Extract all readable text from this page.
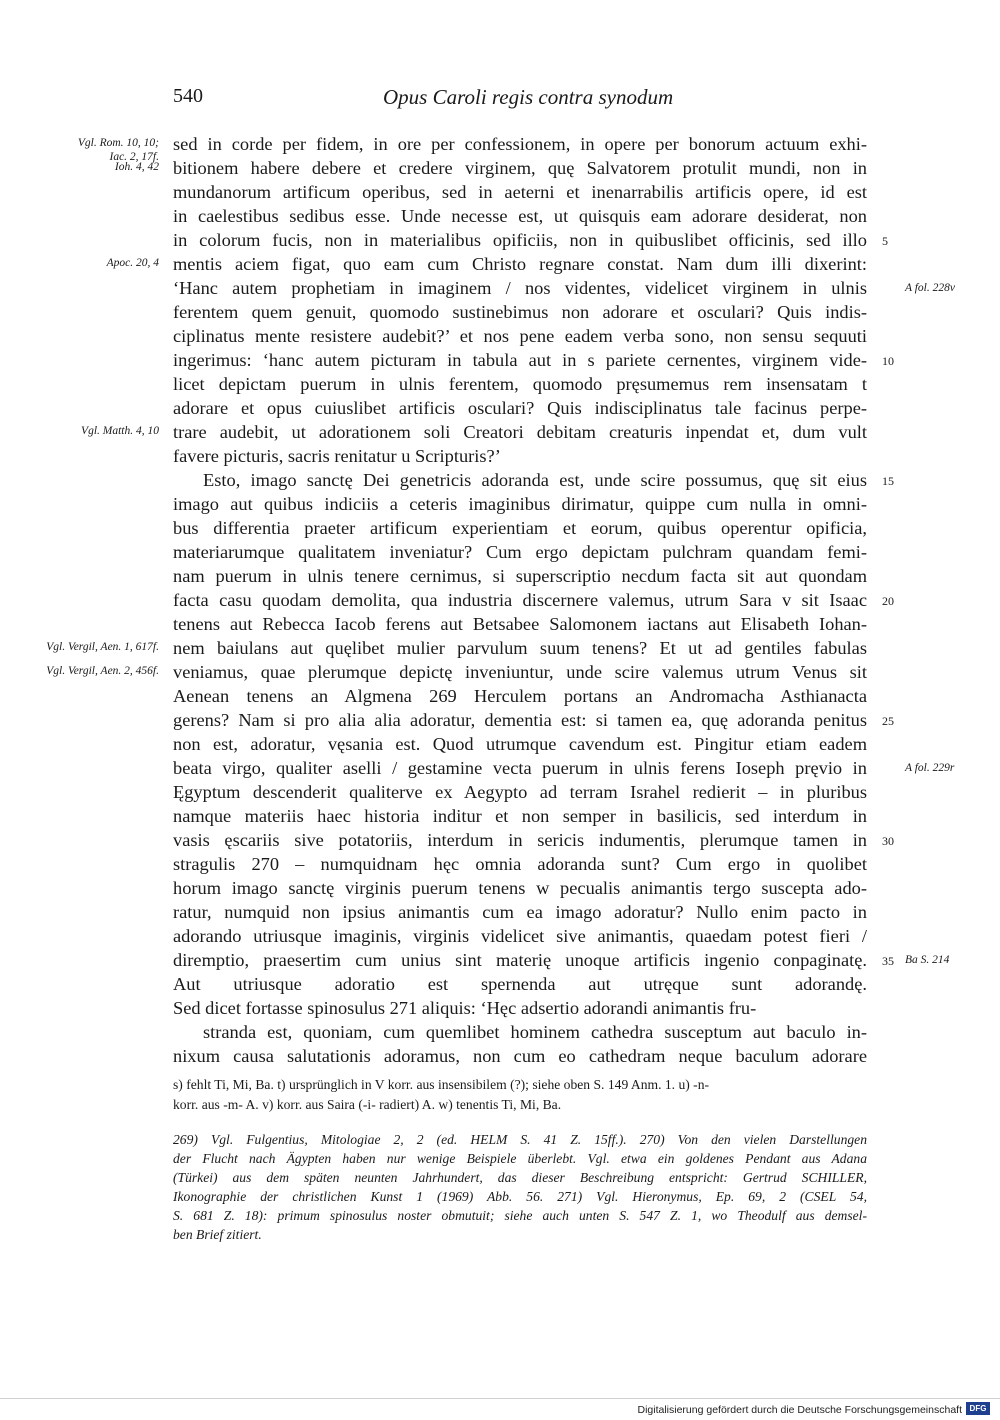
540	Opus Caroli regis contra synodum
sed in corde per fidem, in ore per confessionem, in opere per bonorum actuum exhi-
bitionem habere debere et credere virginem, quę Salvatorem protulit mundi, non in
mundanorum artificum operibus, sed in aeterni et inenarrabilis artificis opere, id est
in caelestibus sedibus esse. Unde necesse est, ut quisquis eam adorare desiderat, non
in colorum fucis, non in materialibus opificiis, non in quibuslibet officinis, sed illo
mentis aciem figat, quo eam cum Christo regnare constat. Nam dum illi dixerint:
‘Hanc autem prophetiam in imaginem / nos videntes, videlicet virginem in ulnis
ferentem quem genuit, quomodo sustinebimus non adorare et osculari? Quis indis-
ciplinatus mente resistere audebit?’ et nos pene eadem verba sono, non sensu sequuti
ingerimus: ‘hanc autem picturam in tabula aut in s pariete cernentes, virginem vide-
licet depictam puerum in ulnis ferentem, quomodo pręsumemus rem insensatam t
adorare et opus cuiuslibet artificis osculari? Quis indisciplinatus tale facinus perpe-
trare audebit, ut adorationem soli Creatori debitam creaturis inpendat et, dum vult
favere picturis, sacris renitatur u Scripturis?’
Esto, imago sanctę Dei genetricis adoranda est, unde scire possumus, quę sit eius
imago aut quibus indiciis a ceteris imaginibus dirimatur, quippe cum nulla in omni-
bus differentia praeter artificum experientiam et eorum, quibus operentur opificia,
materiarumque qualitatem inveniatur? Cum ergo depictam pulchram quandam femi-
nam puerum in ulnis tenere cernimus, si superscriptio necdum facta sit aut quondam
facta casu quodam demolita, qua industria discernere valemus, utrum Sara v sit Isaac
tenens aut Rebecca Iacob ferens aut Betsabee Salomonem iactans aut Elisabeth Iohan-
nem baiulans aut quęlibet mulier parvulum suum tenens? Et ut ad gentiles fabulas
veniamus, quae plerumque depictę inveniuntur, unde scire valemus utrum Venus sit
Aenean tenens an Algmena 269 Herculem portans an Andromacha Asthianacta
gerens? Nam si pro alia alia adoratur, dementia est: si tamen ea, quę adoranda penitus
non est, adoratur, vęsania est. Quod utrumque cavendum est. Pingitur etiam eadem
beata virgo, qualiter aselli / gestamine vecta puerum in ulnis ferens Ioseph pręvio in
Ęgyptum descenderit qualiterve ex Aegypto ad terram Israhel redierit – in pluribus
namque materiis haec historia inditur et non semper in basilicis, sed interdum in
vasis ęscariis sive potatoriis, interdum in sericis indumentis, plerumque tamen in
stragulis 270 – numquidnam hęc omnia adoranda sunt? Cum ergo in quolibet
horum imago sanctę virginis puerum tenens w pecualis animantis tergo suscepta ado-
ratur, numquid non ipsius animantis cum ea imago adoratur? Nullo enim pacto in
adorando utriusque imaginis, virginis videlicet sive animantis, quaedam potest fieri /
diremptio, praesertim cum unius sint materię unoque artificis ingenio conpaginatę.
Aut utriusque adoratio est spernenda aut utręque sunt adorandę.
Sed dicet fortasse spinosulus 271 aliquis: ‘Hęc adsertio adorandi animantis fru-
stranda est, quoniam, cum quemlibet hominem cathedra susceptum aut baculo in-
nixum causa salutationis adoramus, non cum eo cathedram neque baculum adorare
Vgl. Rom. 10, 10;
Iac. 2, 17f.
Ioh. 4, 42
Apoc. 20, 4
Vgl. Matth. 4, 10
Vgl. Vergil, Aen. 1, 617f.
Vgl. Vergil, Aen. 2, 456f.
A fol. 228v
A fol. 229r
Ba S. 214
5
10
15
20
25
30
35
s) fehlt Ti, Mi, Ba. t) ursprünglich in V korr. aus insensibilem (?); siehe oben S. 149 Anm. 1. u) -n-
korr. aus -m- A. v) korr. aus Saira (-i- radiert) A. w) tenentis Ti, Mi, Ba.
269) Vgl. Fulgentius, Mitologiae 2, 2 (ed. HELM S. 41 Z. 15ff.). 270) Von den vielen Darstellungen
der Flucht nach Ägypten haben nur wenige Beispiele überlebt. Vgl. etwa ein goldenes Pendant aus Adana
(Türkei) aus dem späten neunten Jahrhundert, das dieser Beschreibung entspricht: Gertrud SCHILLER,
Ikonographie der christlichen Kunst 1 (1969) Abb. 56. 271) Vgl. Hieronymus, Ep. 69, 2 (CSEL 54,
S. 681 Z. 18): primum spinosulus noster obmutuit; siehe auch unten S. 547 Z. 1, wo Theodulf aus demsel-
ben Brief zitiert.
Digitalisierung gefördert durch die Deutsche Forschungsgemeinschaft DFG
